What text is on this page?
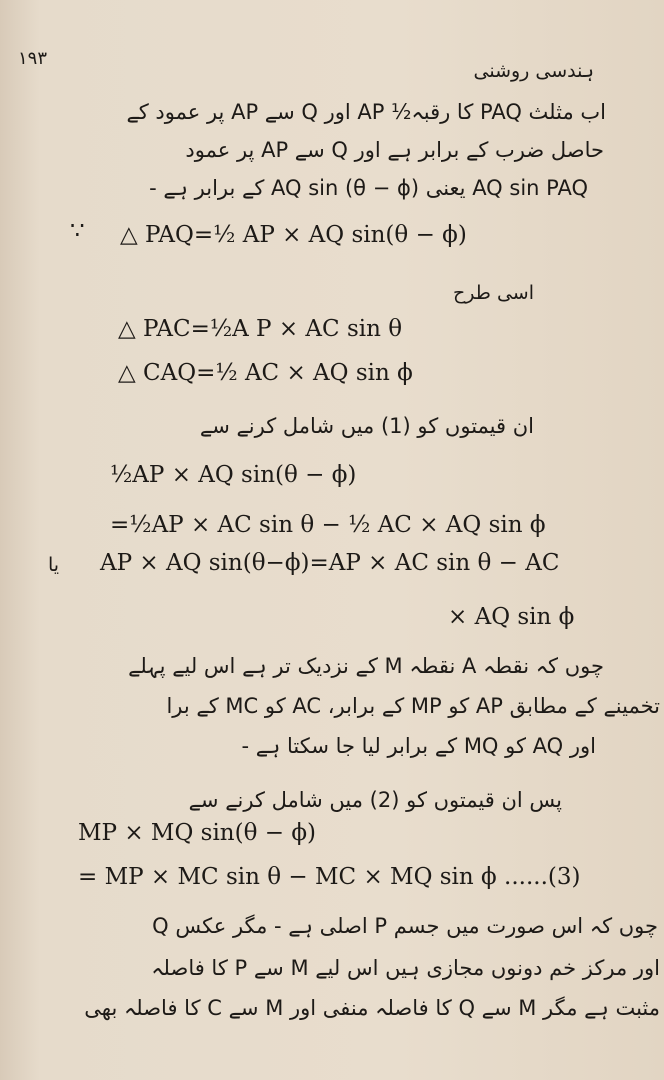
۱۹۳
ہندسی روشنی
اب مثلث PAQ کا رقبہ½ AP اور Q سے AP پر عمود کے
حاصل ضرب کے برابر ہے اور Q سے AP پر عمود
AQ sin PAQ یعنی AQ sin (θ − ϕ) کے برابر ہے -
∵ △ PAQ=½ AP × AQ sin(θ − ϕ)
اسی طرح
△ PAC=½A P × AC sin θ
△ CAQ=½ AC × AQ sin ϕ
ان قیمتوں کو (1) میں شامل کرنے سے
½AP × AQ sin(θ − ϕ)
=½AP × AC sin θ − ½ AC × AQ sin ϕ
یا AP × AQ sin(θ−ϕ)=AP × AC sin θ − AC
× AQ sin ϕ
چوں کہ نقطہ A نقطہ M کے نزدیک تر ہے اس لیے پہلے
تخمینے کے مطابق AP کو MP کے برابر، AC کو MC کے برا
اور AQ کو MQ کے برابر لیا جا سکتا ہے -
پس ان قیمتوں کو (2) میں شامل کرنے سے
MP × MQ sin(θ − ϕ)
= MP × MC sin θ − MC × MQ sin ϕ ......(3)
چوں کہ اس صورت میں جسم P اصلی ہے - مگر عکس Q
اور مرکز خم دونوں مجازی ہیں اس لیے M سے P کا فاصلہ
مثبت ہے مگر M سے Q کا فاصلہ منفی اور M سے C کا فاصلہ بھی
